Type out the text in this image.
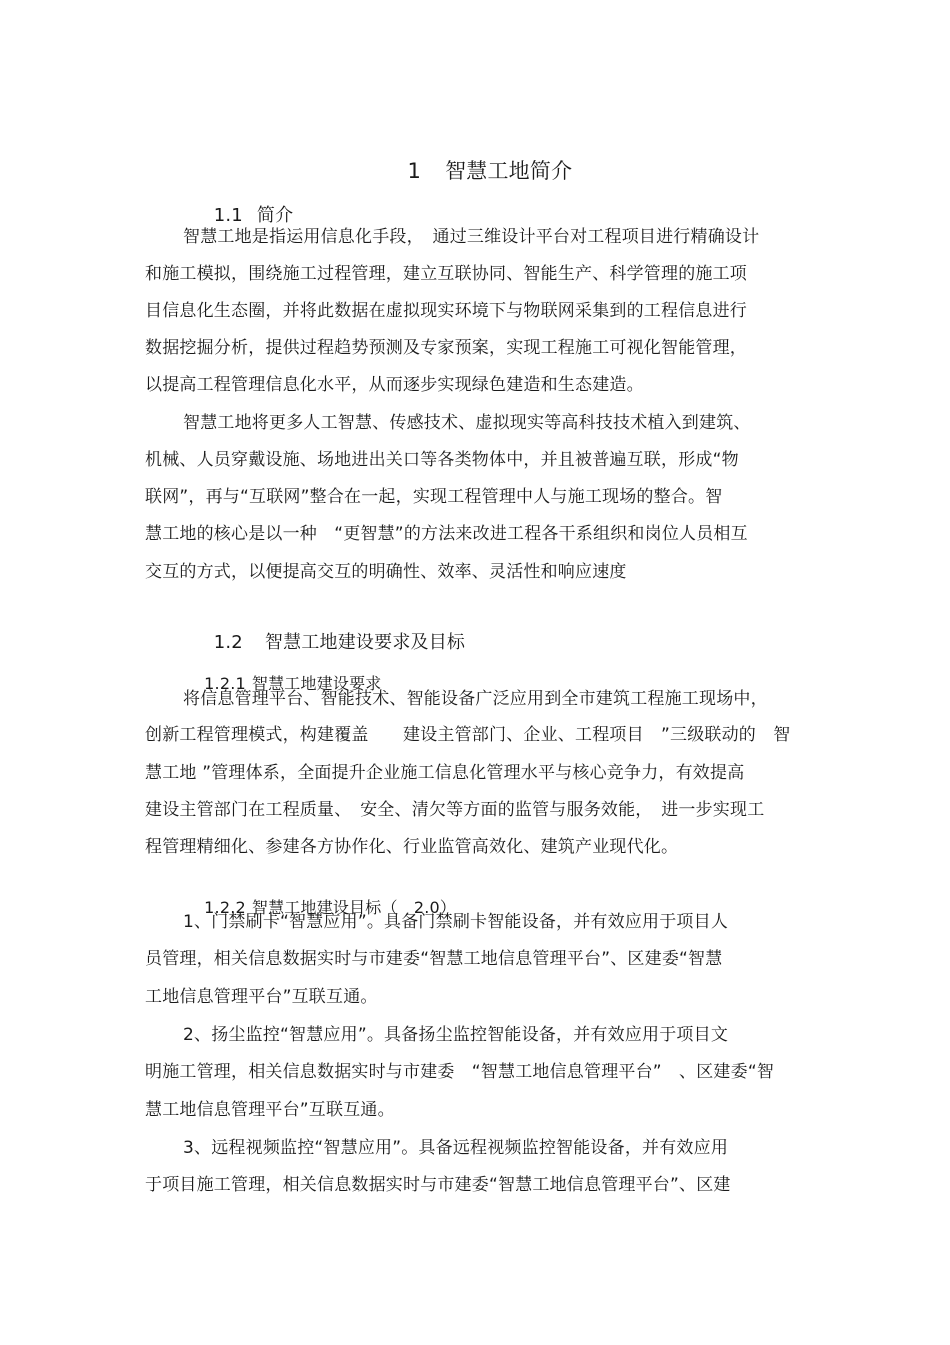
1 智慧工地简介

1.1 简介

智慧工地是指运用信息化手段，　通过三维设计平台对工程项目进行精确设计
和施工模拟，围绕施工过程管理，建立互联协同、智能生产、科学管理的施工项
目信息化生态圈，并将此数据在虚拟现实环境下与物联网采集到的工程信息进行
数据挖掘分析，提供过程趋势预测及专家预案，实现工程施工可视化智能管理，
以提高工程管理信息化水平，从而逐步实现绿色建造和生态建造。
智慧工地将更多人工智慧、传感技术、虚拟现实等高科技技术植入到建筑、
机械、人员穿戴设施、场地进出关口等各类物体中，并且被普遍互联，形成“物
联网”，再与“互联网”整合在一起，实现工程管理中人与施工现场的整合。智
慧工地的核心是以一种　“更智慧”的方法来改进工程各干系组织和岗位人员相互
交互的方式，以便提高交互的明确性、效率、灵活性和响应速度

1.2 智慧工地建设要求及目标

1.2.1 智慧工地建设要求

将信息管理平台、智能技术、智能设备广泛应用到全市建筑工程施工现场中，
创新工程管理模式，构建覆盖　　建设主管部门、企业、工程项目　”三级联动的　智
慧工地 ”管理体系，全面提升企业施工信息化管理水平与核心竞争力，有效提高
建设主管部门在工程质量、　安全、清欠等方面的监管与服务效能，　进一步实现工
程管理精细化、参建各方协作化、行业监管高效化、建筑产业现代化。

1.2.2 智慧工地建设目标（　2.0）

1、门禁刷卡“智慧应用”。具备门禁刷卡智能设备，并有效应用于项目人
员管理，相关信息数据实时与市建委“智慧工地信息管理平台”、区建委“智慧
工地信息管理平台”互联互通。
2、扬尘监控“智慧应用”。具备扬尘监控智能设备，并有效应用于项目文
明施工管理，相关信息数据实时与市建委　“智慧工地信息管理平台”　、区建委“智
慧工地信息管理平台”互联互通。
3、远程视频监控“智慧应用”。具备远程视频监控智能设备，并有效应用
于项目施工管理，相关信息数据实时与市建委“智慧工地信息管理平台”、区建
